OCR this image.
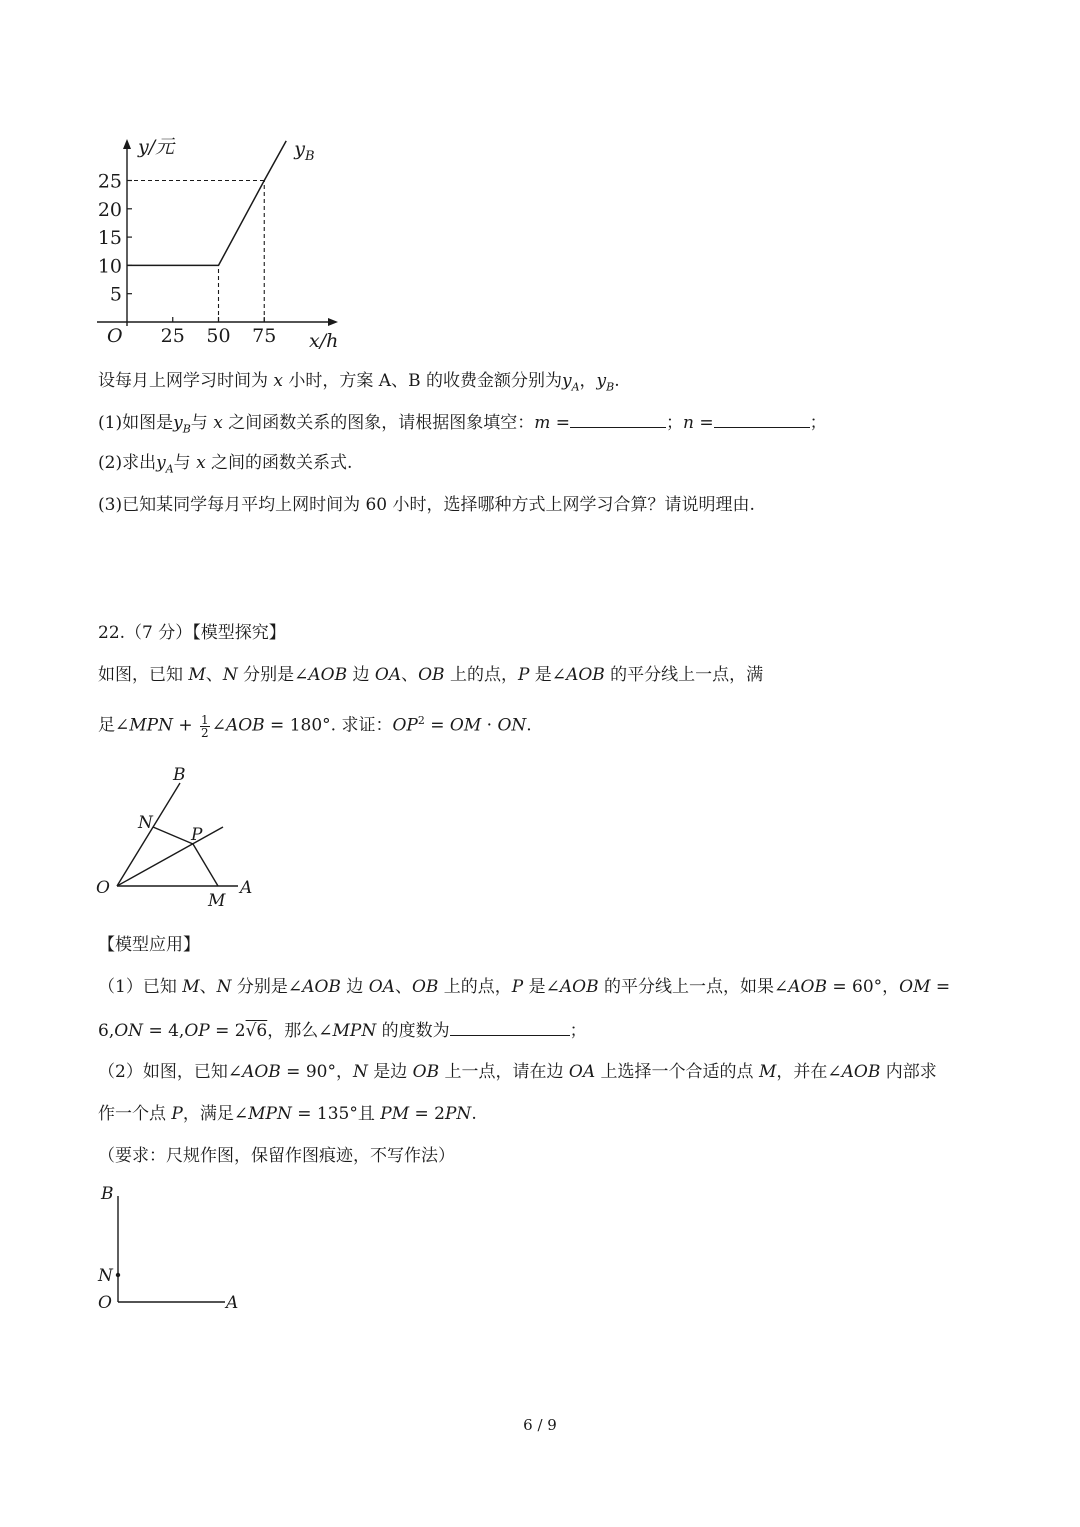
5
10
15
20
25
25 50 75
O
y/元
x/h
$y_B$
设每月上网学习时间为 x 小时，方案 A、B 的收费金额分别为$y_A$，$y_B$.
(1)如图是$y_B$与 x 之间函数关系的图象，请根据图象填空：m =	；n =	；
(2)求出$y_A$与 x 之间的函数关系式.
(3)已知某同学每月平均上网时间为 60 小时，选择哪种方式上网学习合算？请说明理由.
22.（7 分）【模型探究】
如图，已知 M、N 分别是∠AOB 边 OA、OB 上的点，P 是∠AOB 的平分线上一点，满
足∠MPN + $\frac{1}{2}$ ∠AOB = 180°. 求证：$OP^2$ = OM · ON.
B
N
P
O	A
M
【模型应用】
（1）已知 M、N 分别是∠AOB 边 OA、OB 上的点，P 是∠AOB 的平分线上一点，如果∠AOB = 60°，OM =
6,ON = 4,OP = 2√6，那么∠MPN 的度数为	；
（2）如图，已知∠AOB = 90°，N 是边 OB 上一点，请在边 OA 上选择一个合适的点 M，并在∠AOB 内部求
作一个点 P，满足∠MPN = 135°且 PM = 2PN.
（要求：尺规作图，保留作图痕迹，不写作法）
B
N
O	A
6 / 9
